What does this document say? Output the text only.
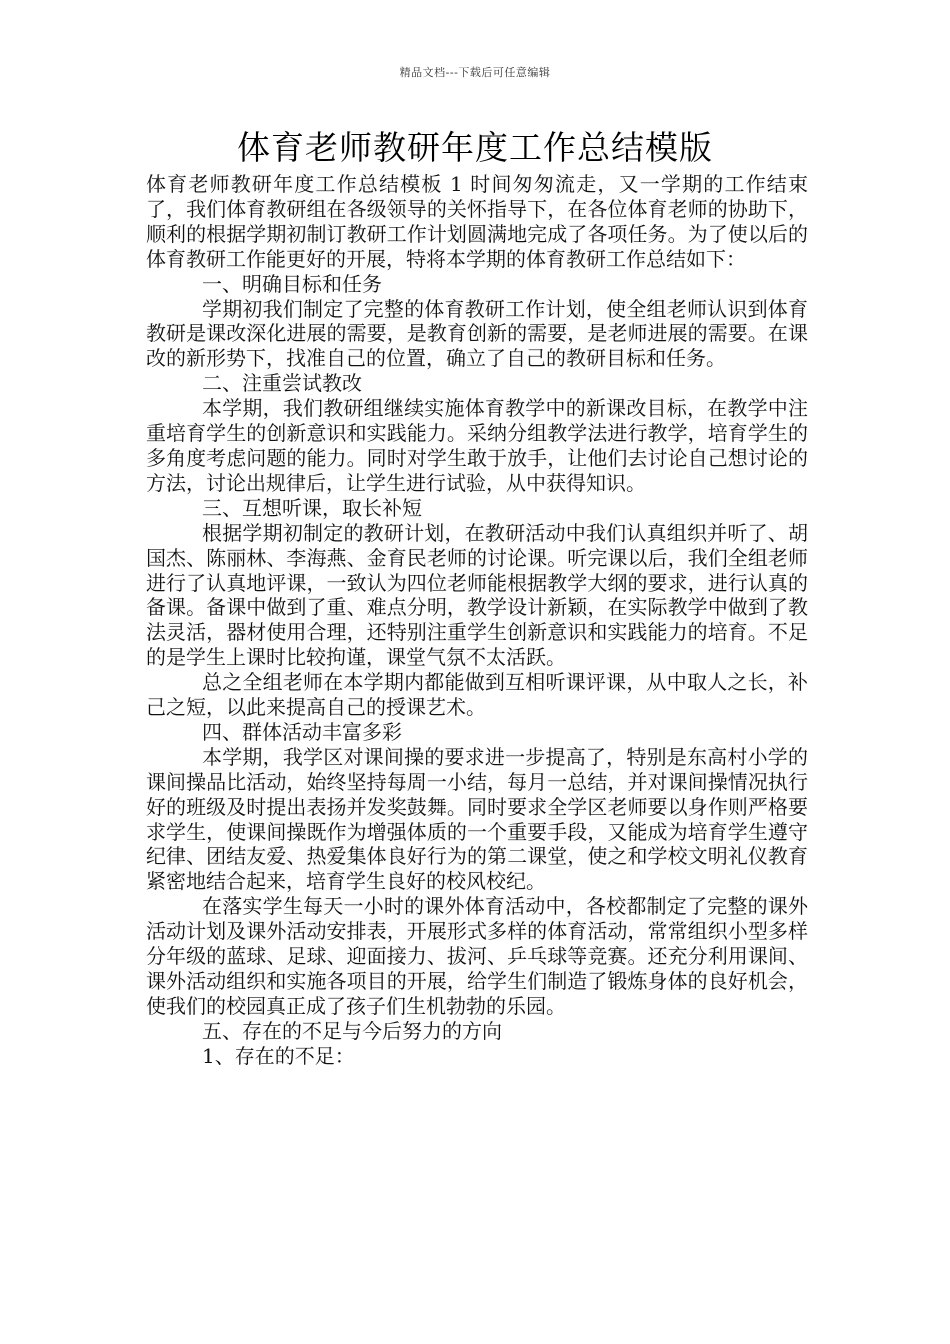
精品文档---下载后可任意编辑
体育老师教研年度工作总结模版

体育老师教研年度工作总结模板 1 时间匆匆流走，又一学期的工作结束了，我们体育教研组在各级领导的关怀指导下，在各位体育老师的协助下，顺利的根据学期初制订教研工作计划圆满地完成了各项任务。为了使以后的体育教研工作能更好的开展，特将本学期的体育教研工作总结如下：

一、明确目标和任务

学期初我们制定了完整的体育教研工作计划，使全组老师认识到体育教研是课改深化进展的需要，是教育创新的需要，是老师进展的需要。在课改的新形势下，找准自己的位置，确立了自己的教研目标和任务。

二、注重尝试教改

本学期，我们教研组继续实施体育教学中的新课改目标，在教学中注重培育学生的创新意识和实践能力。采纳分组教学法进行教学，培育学生的多角度考虑问题的能力。同时对学生敢于放手，让他们去讨论自己想讨论的方法，讨论出规律后，让学生进行试验，从中获得知识。

三、互想听课，取长补短

根据学期初制定的教研计划，在教研活动中我们认真组织并听了、胡国杰、陈丽林、李海燕、金育民老师的讨论课。听完课以后，我们全组老师进行了认真地评课，一致认为四位老师能根据教学大纲的要求，进行认真的备课。备课中做到了重、难点分明，教学设计新颖，在实际教学中做到了教法灵活，器材使用合理，还特别注重学生创新意识和实践能力的培育。不足的是学生上课时比较拘谨，课堂气氛不太活跃。

总之全组老师在本学期内都能做到互相听课评课，从中取人之长，补己之短，以此来提高自己的授课艺术。

四、群体活动丰富多彩

本学期，我学区对课间操的要求进一步提高了，特别是东高村小学的课间操品比活动，始终坚持每周一小结，每月一总结，并对课间操情况执行好的班级及时提出表扬并发奖鼓舞。同时要求全学区老师要以身作则严格要求学生，使课间操既作为增强体质的一个重要手段，又能成为培育学生遵守纪律、团结友爱、热爱集体良好行为的第二课堂，使之和学校文明礼仪教育紧密地结合起来，培育学生良好的校风校纪。

在落实学生每天一小时的课外体育活动中，各校都制定了完整的课外活动计划及课外活动安排表，开展形式多样的体育活动，常常组织小型多样分年级的蓝球、足球、迎面接力、拔河、乒乓球等竞赛。还充分利用课间、课外活动组织和实施各项目的开展，给学生们制造了锻炼身体的良好机会，使我们的校园真正成了孩子们生机勃勃的乐园。

五、存在的不足与今后努力的方向

1、存在的不足：
